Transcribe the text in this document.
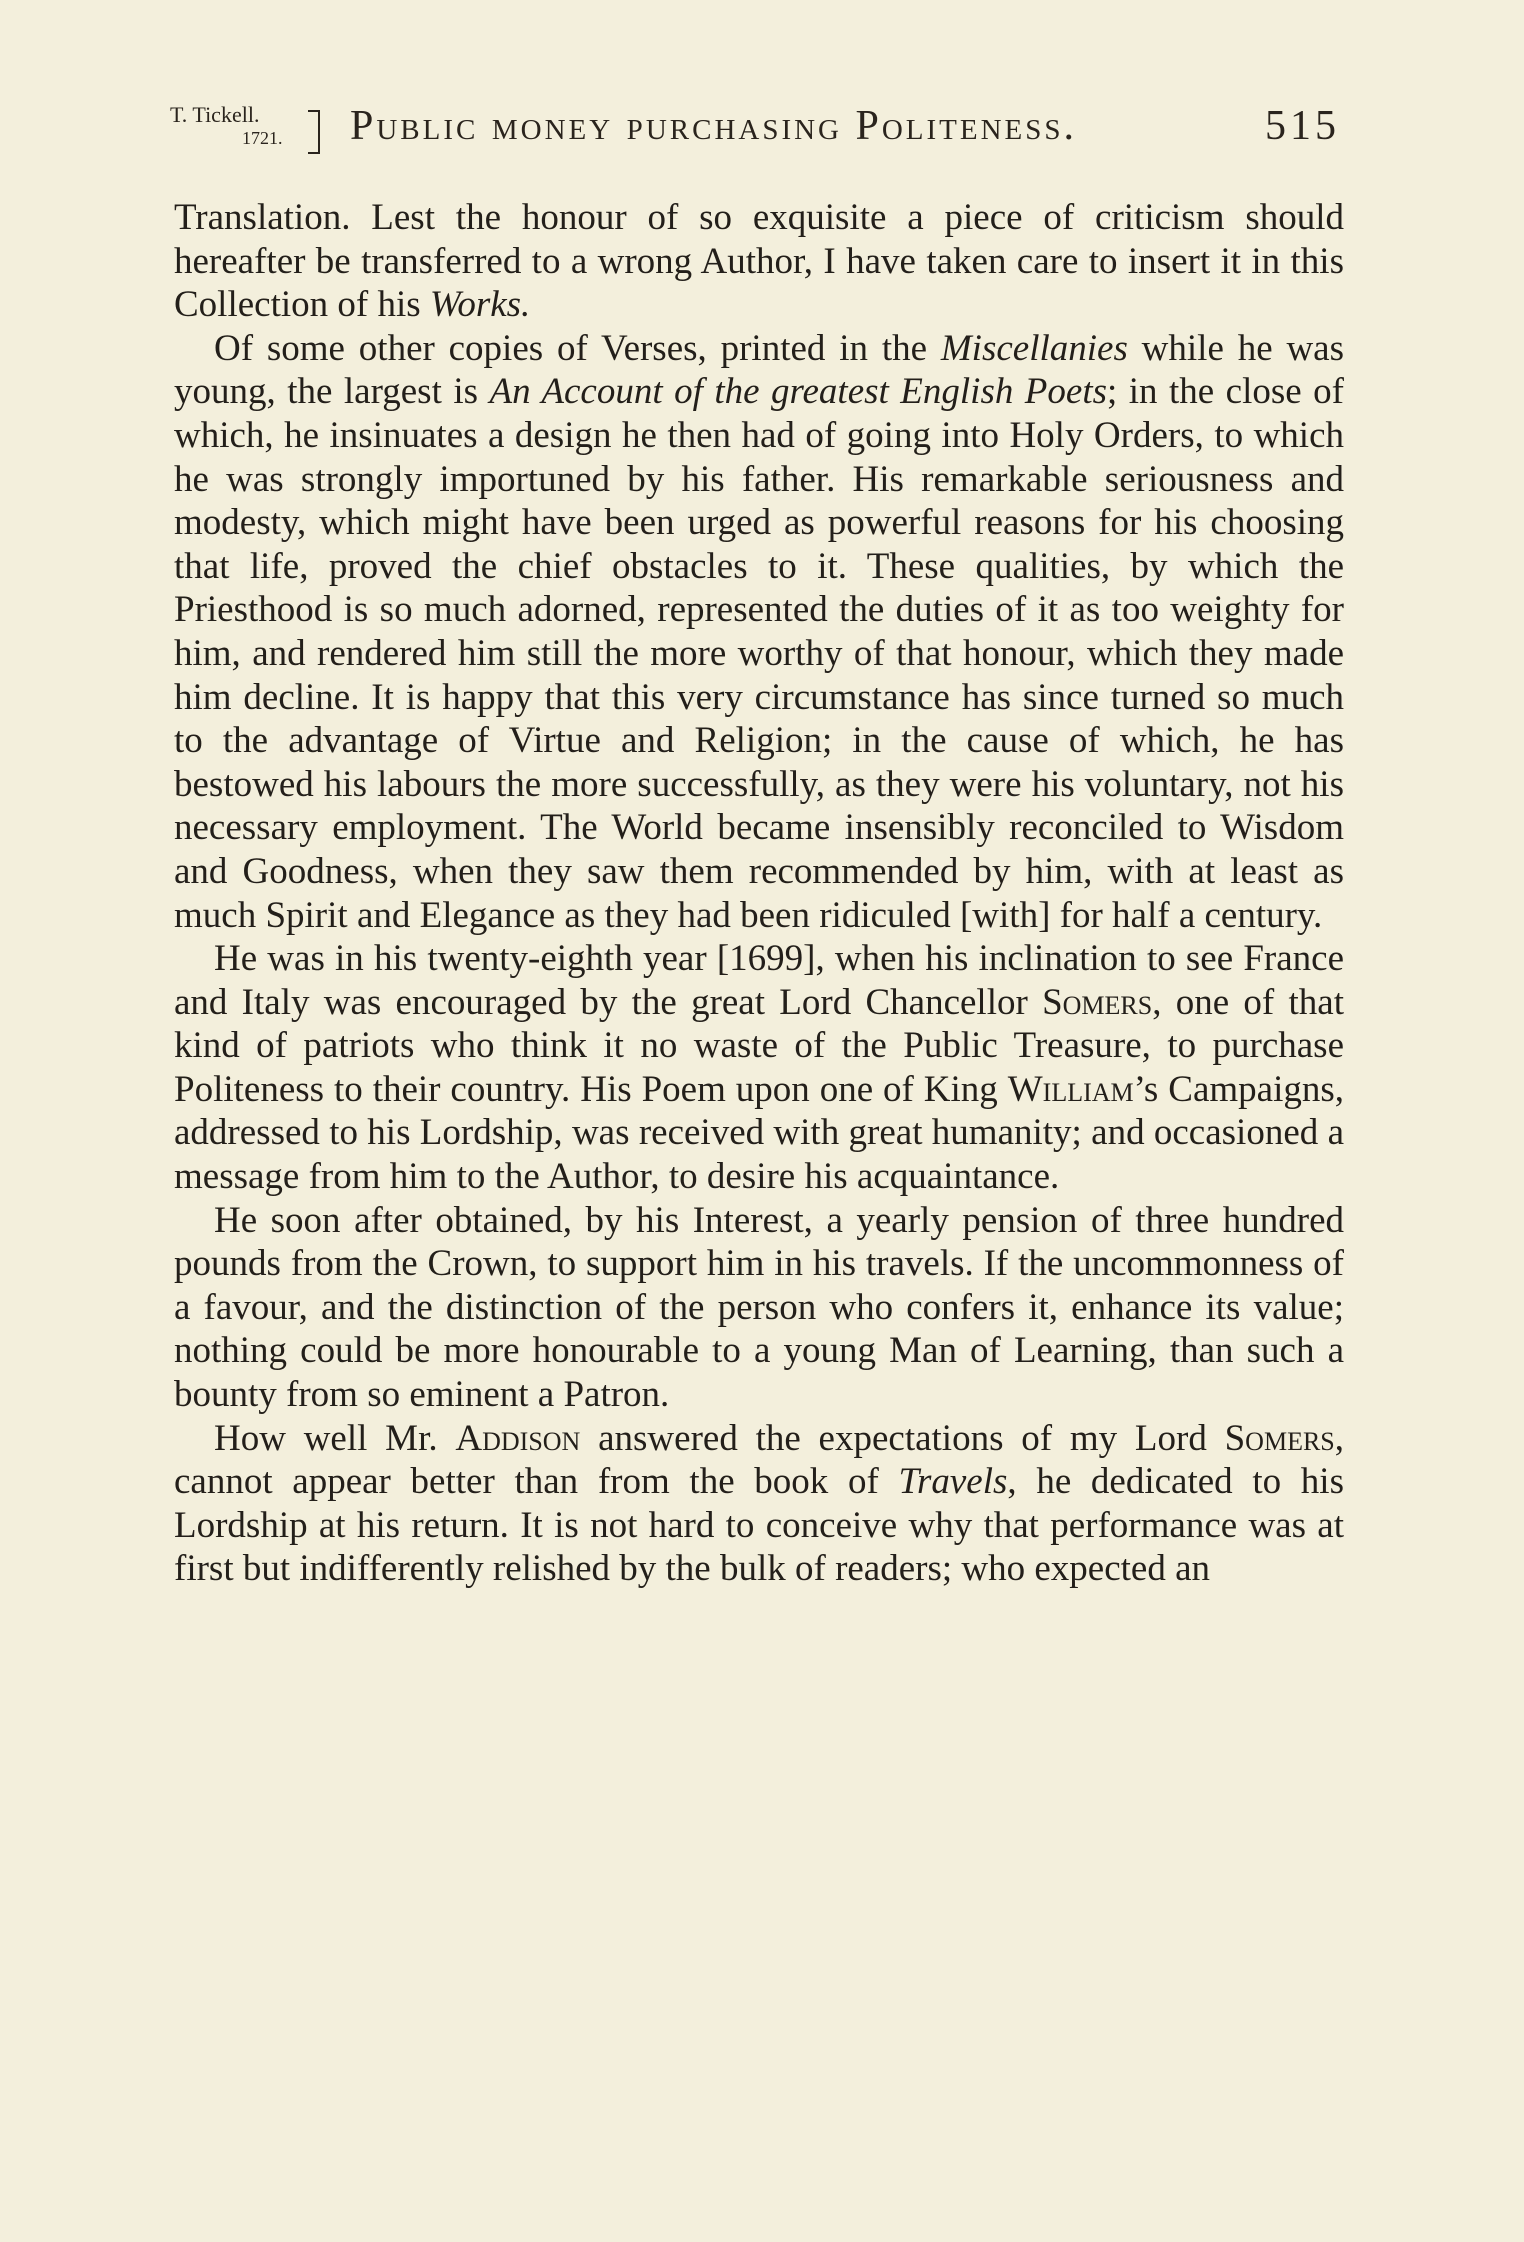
T. Tickell.
1721. Public money purchasing Politeness.	515

Translation. Lest the honour of so exquisite a piece of criticism should hereafter be transferred to a wrong Author, I have taken care to insert it in this Collection of his Works.

Of some other copies of Verses, printed in the Miscellanies while he was young, the largest is An Account of the greatest English Poets; in the close of which, he insinuates a design he then had of going into Holy Orders, to which he was strongly importuned by his father. His remarkable seriousness and modesty, which might have been urged as powerful reasons for his choosing that life, proved the chief obstacles to it. These qualities, by which the Priesthood is so much adorned, represented the duties of it as too weighty for him, and rendered him still the more worthy of that honour, which they made him decline. It is happy that this very circumstance has since turned so much to the advantage of Virtue and Religion; in the cause of which, he has bestowed his labours the more successfully, as they were his voluntary, not his necessary employment. The World became insensibly reconciled to Wisdom and Goodness, when they saw them recommended by him, with at least as much Spirit and Elegance as they had been ridiculed [with] for half a century.

He was in his twenty-eighth year [1699], when his inclination to see France and Italy was encouraged by the great Lord Chancellor Somers, one of that kind of patriots who think it no waste of the Public Treasure, to purchase Politeness to their country. His Poem upon one of King William’s Campaigns, addressed to his Lordship, was received with great humanity; and occasioned a message from him to the Author, to desire his acquaintance.

He soon after obtained, by his Interest, a yearly pension of three hundred pounds from the Crown, to support him in his travels. If the uncommonness of a favour, and the distinction of the person who confers it, enhance its value; nothing could be more honourable to a young Man of Learning, than such a bounty from so eminent a Patron.

How well Mr. Addison answered the expectations of my Lord Somers, cannot appear better than from the book of Travels, he dedicated to his Lordship at his return. It is not hard to conceive why that performance was at first but indifferently relished by the bulk of readers; who expected an
